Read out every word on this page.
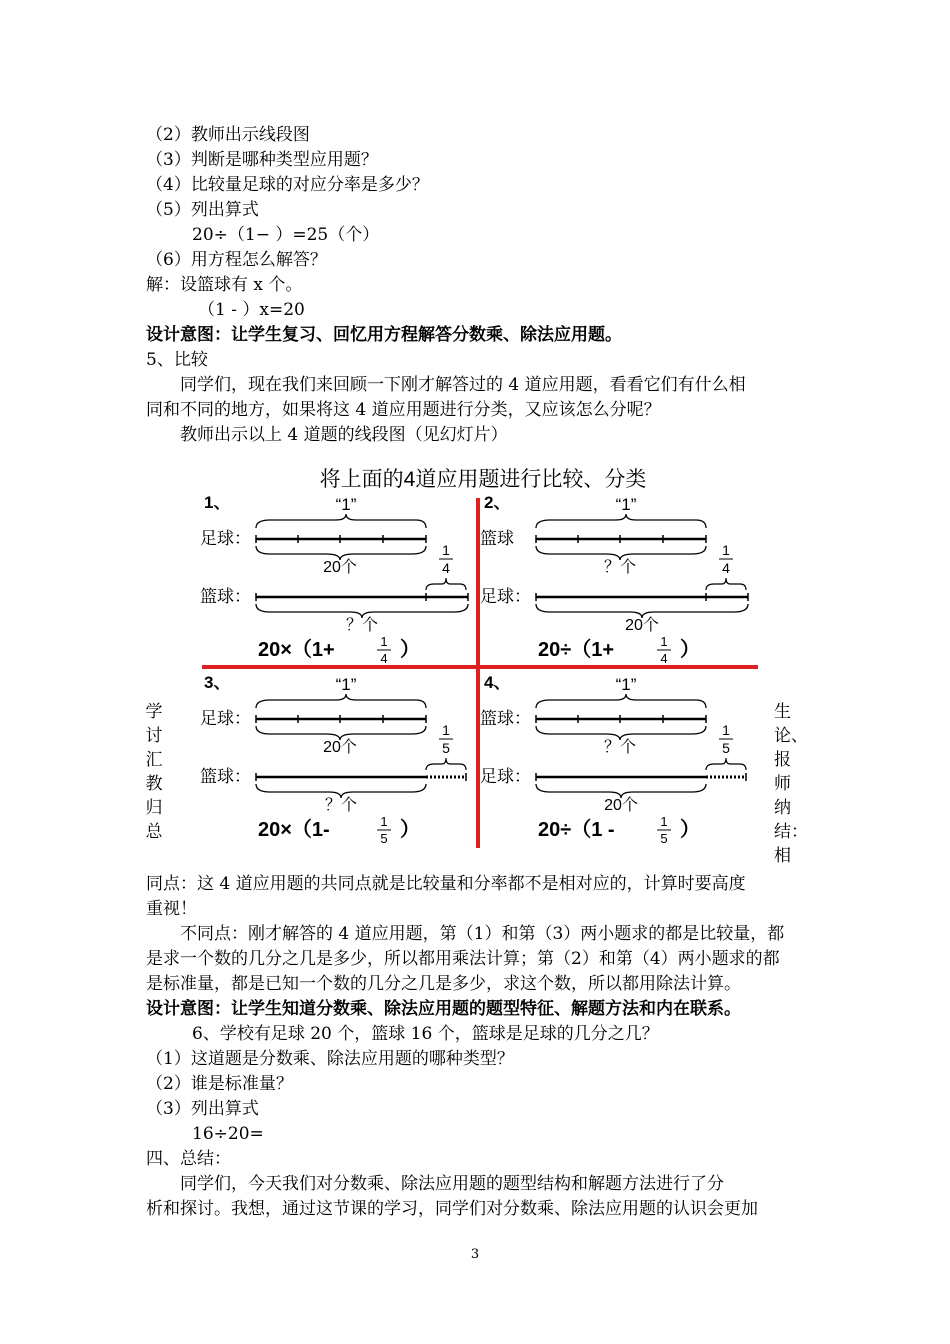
（2）教师出示线段图
（3）判断是哪种类型应用题？
（4）比较量足球的对应分率是多少？
（5）列出算式
20÷（1− ）=25（个）
（6）用方程怎么解答？
解：设篮球有 x 个。
（1 - ）x=20
设计意图：让学生复习、回忆用方程解答分数乘、除法应用题。
5、比较
同学们，现在我们来回顾一下刚才解答过的 4 道应用题，看看它们有什么相
同和不同的地方，如果将这 4 道应用题进行分类，又应该怎么分呢？
教师出示以上 4 道题的线段图（见幻灯片）
学
讨
汇
教
归
总
生
论、
报
师
纳
结：
相
将上面的4道应用题进行比较、分类
1、	“1”
足球：
20个
1
4
篮球：
？个
20×（1+	1
4 ）
2、	“1”
篮球
？个
1
4
足球：
20个
20÷（1+	1
4 ）
3、	“1”
足球：
20个
1
5
篮球：
？个
20×（1-	1
5 ）
4、	“1”
篮球：
？个
1
5
足球：
20个
20÷（1 -	1
5 ）
同点：这 4 道应用题的共同点就是比较量和分率都不是相对应的，计算时要高度
重视！
不同点：刚才解答的 4 道应用题，第（1）和第（3）两小题求的都是比较量，都
是求一个数的几分之几是多少，所以都用乘法计算；第（2）和第（4）两小题求的都
是标准量，都是已知一个数的几分之几是多少，求这个数，所以都用除法计算。
设计意图：让学生知道分数乘、除法应用题的题型特征、解题方法和内在联系。
6、学校有足球 20 个，篮球 16 个，篮球是足球的几分之几？
（1）这道题是分数乘、除法应用题的哪种类型？
（2）谁是标准量？
（3）列出算式
16÷20=
四、总结：
同学们，今天我们对分数乘、除法应用题的题型结构和解题方法进行了分
析和探讨。我想，通过这节课的学习，同学们对分数乘、除法应用题的认识会更加
3
